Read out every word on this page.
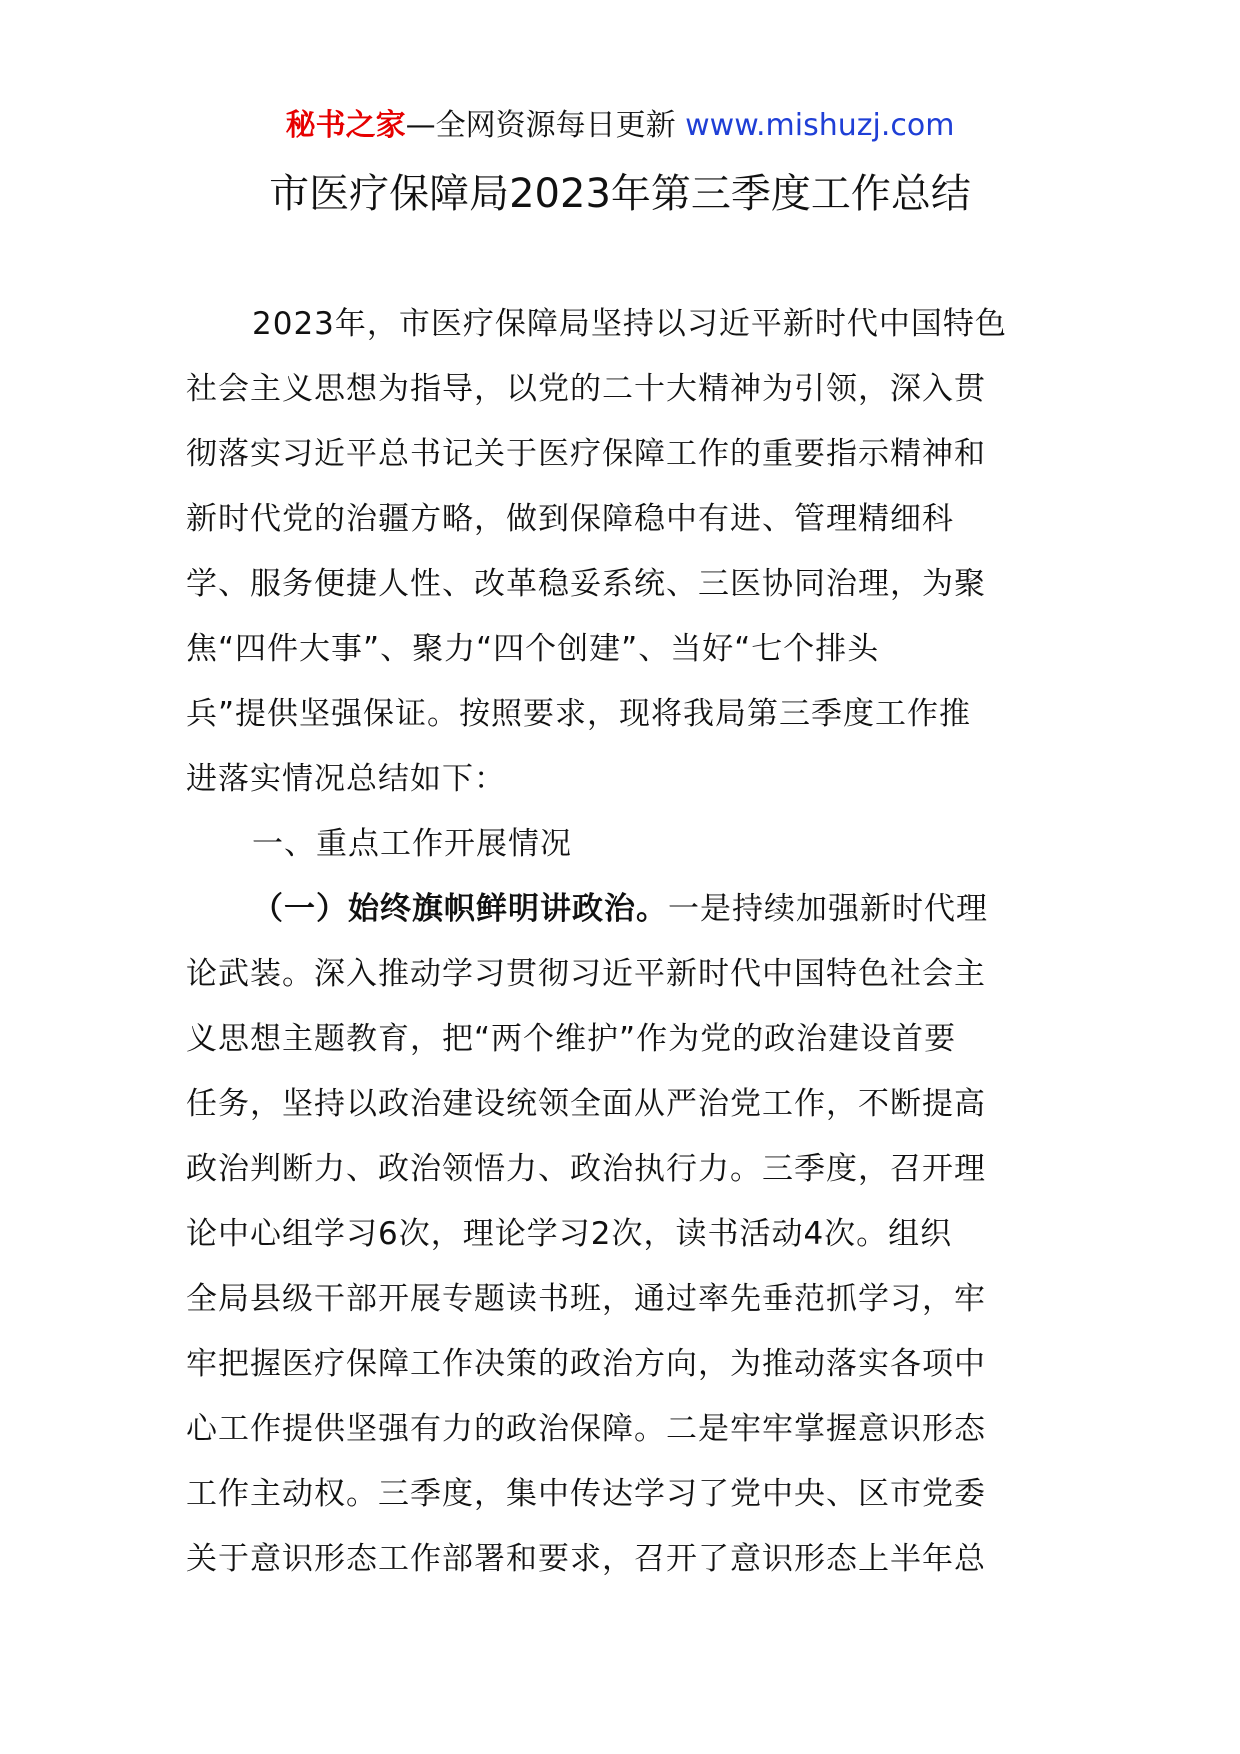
秘书之家—全网资源每日更新 www.mishuzj.com
市医疗保障局2023年第三季度工作总结
2023年，市医疗保障局坚持以习近平新时代中国特色
社会主义思想为指导，以党的二十大精神为引领，深入贯
彻落实习近平总书记关于医疗保障工作的重要指示精神和
新时代党的治疆方略，做到保障稳中有进、管理精细科
学、服务便捷人性、改革稳妥系统、三医协同治理，为聚
焦“四件大事”、聚力“四个创建”、当好“七个排头
兵”提供坚强保证。按照要求，现将我局第三季度工作推
进落实情况总结如下：
一、重点工作开展情况
（一）始终旗帜鲜明讲政治。一是持续加强新时代理
论武装。深入推动学习贯彻习近平新时代中国特色社会主
义思想主题教育，把“两个维护”作为党的政治建设首要
任务，坚持以政治建设统领全面从严治党工作，不断提高
政治判断力、政治领悟力、政治执行力。三季度，召开理
论中心组学习6次，理论学习2次，读书活动4次。组织
全局县级干部开展专题读书班，通过率先垂范抓学习，牢
牢把握医疗保障工作决策的政治方向，为推动落实各项中
心工作提供坚强有力的政治保障。二是牢牢掌握意识形态
工作主动权。三季度，集中传达学习了党中央、区市党委
关于意识形态工作部署和要求，召开了意识形态上半年总
